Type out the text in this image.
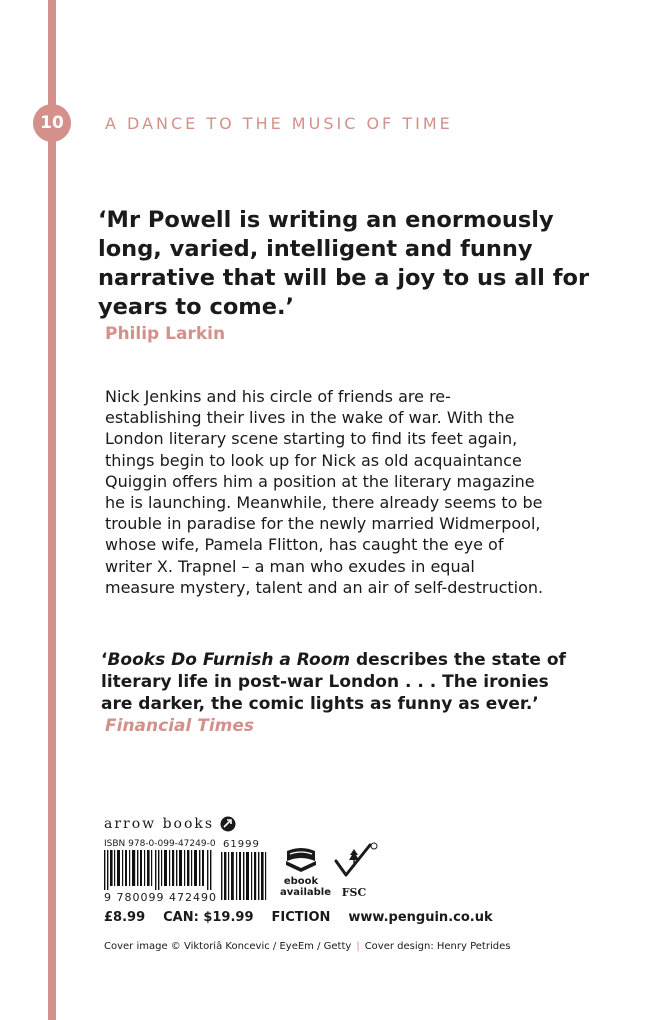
10	A DANCE TO THE MUSIC OF TIME
‘Mr Powell is writing an enormously long, varied, intelligent and funny narrative that will be a joy to us all for years to come.’
Philip Larkin
Nick Jenkins and his circle of friends are re-establishing their lives in the wake of war. With the London literary scene starting to find its feet again, things begin to look up for Nick as old acquaintance Quiggin offers him a position at the literary magazine he is launching. Meanwhile, there already seems to be trouble in paradise for the newly married Widmerpool, whose wife, Pamela Flitton, has caught the eye of writer X. Trapnel – a man who exudes in equal measure mystery, talent and an air of self-destruction.
‘Books Do Furnish a Room describes the state of literary life in post-war London . . . The ironies are darker, the comic lights as funny as ever.’
Financial Times
arrow books
ISBN 978-0-099-47249-0
9 780099 472490
61999
ebook
available FSC
£8.99 CAN: $19.99 FICTION www.penguin.co.uk
Cover image © Viktoriâ Koncevic / EyeEm / Getty | Cover design: Henry Petrides
